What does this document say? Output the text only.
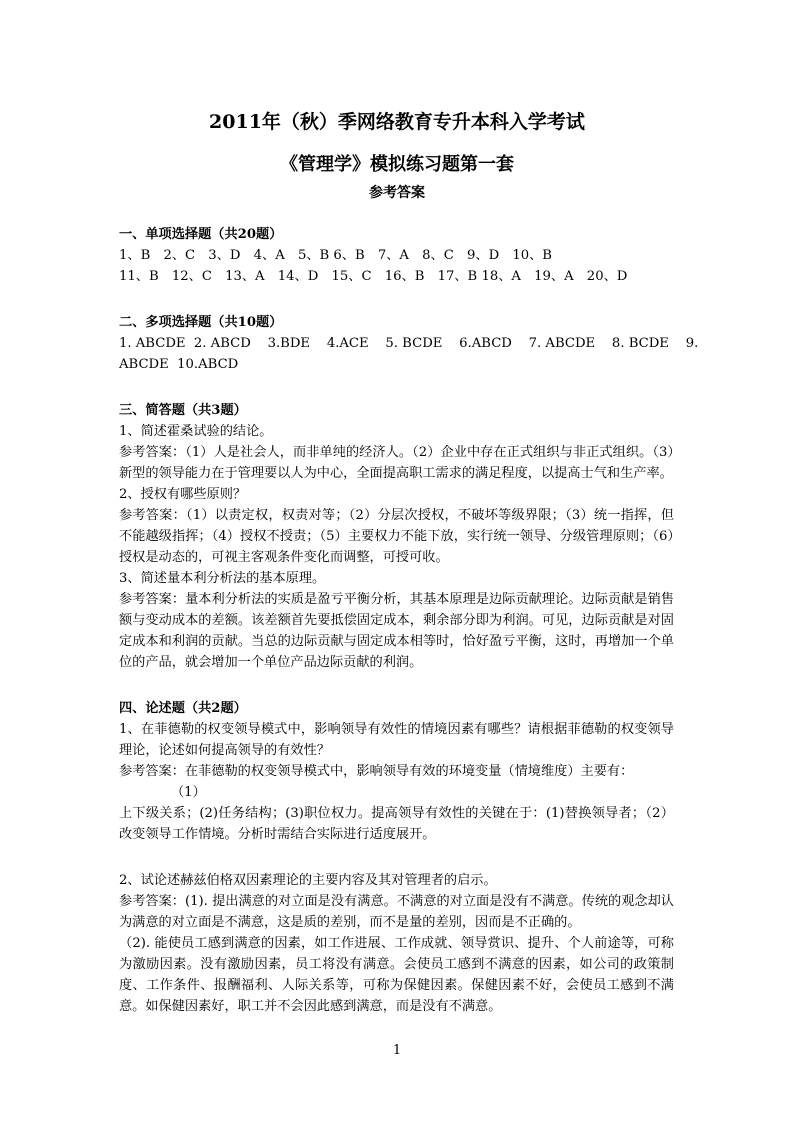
2011年（秋）季网络教育专升本科入学考试
《管理学》模拟练习题第一套
参考答案

一、单项选择题（共20题）

1、B　2、C　3、D　4、A　5、B 6、B　7、A　8、C　9、D　10、B

11、B　12、C　13、A　14、D　15、C　16、B　17、B 18、A　19、A　20、D

二、多项选择题（共10题）

1. ABCDE  2. ABCD    3.BDE    4.ACE    5. BCDE    6.ABCD    7. ABCDE    8. BCDE    9.

ABCDE  10.ABCD

三、简答题（共3题）

1、简述霍桑试验的结论。

参考答案：（1）人是社会人，而非单纯的经济人。（2）企业中存在正式组织与非正式组织。（3）新型的领导能力在于管理要以人为中心，全面提高职工需求的满足程度，以提高士气和生产率。

2、授权有哪些原则？

参考答案：（1）以责定权，权责对等；（2）分层次授权，不破坏等级界限；（3）统一指挥，但不能越级指挥；（4）授权不授责；（5）主要权力不能下放，实行统一领导、分级管理原则；（6）授权是动态的，可视主客观条件变化而调整，可授可收。

3、简述量本利分析法的基本原理。

参考答案：量本利分析法的实质是盈亏平衡分析，其基本原理是边际贡献理论。边际贡献是销售额与变动成本的差额。该差额首先要抵偿固定成本，剩余部分即为利润。可见，边际贡献是对固定成本和利润的贡献。当总的边际贡献与固定成本相等时，恰好盈亏平衡，这时，再增加一个单位的产品，就会增加一个单位产品边际贡献的利润。

四、论述题（共2题）

1、在菲德勒的权变领导模式中，影响领导有效性的情境因素有哪些？请根据菲德勒的权变领导理论，论述如何提高领导的有效性？

参考答案：在菲德勒的权变领导模式中，影响领导有效的环境变量（情境维度）主要有：

（1）

上下级关系；(2)任务结构；(3)职位权力。提高领导有效性的关键在于：(1)替换领导者；（2）改变领导工作情境。分析时需结合实际进行适度展开。

2、试论述赫兹伯格双因素理论的主要内容及其对管理者的启示。

参考答案：(1). 提出满意的对立面是没有满意。不满意的对立面是没有不满意。传统的观念却认为满意的对立面是不满意，这是质的差别，而不是量的差别，因而是不正确的。

（2). 能使员工感到满意的因素，如工作进展、工作成就、领导赏识、提升、个人前途等，可称为激励因素。没有激励因素，员工将没有满意。会使员工感到不满意的因素，如公司的政策制度、工作条件、报酬福利、人际关系等，可称为保健因素。保健因素不好，会使员工感到不满意。如保健因素好，职工并不会因此感到满意，而是没有不满意。

1
